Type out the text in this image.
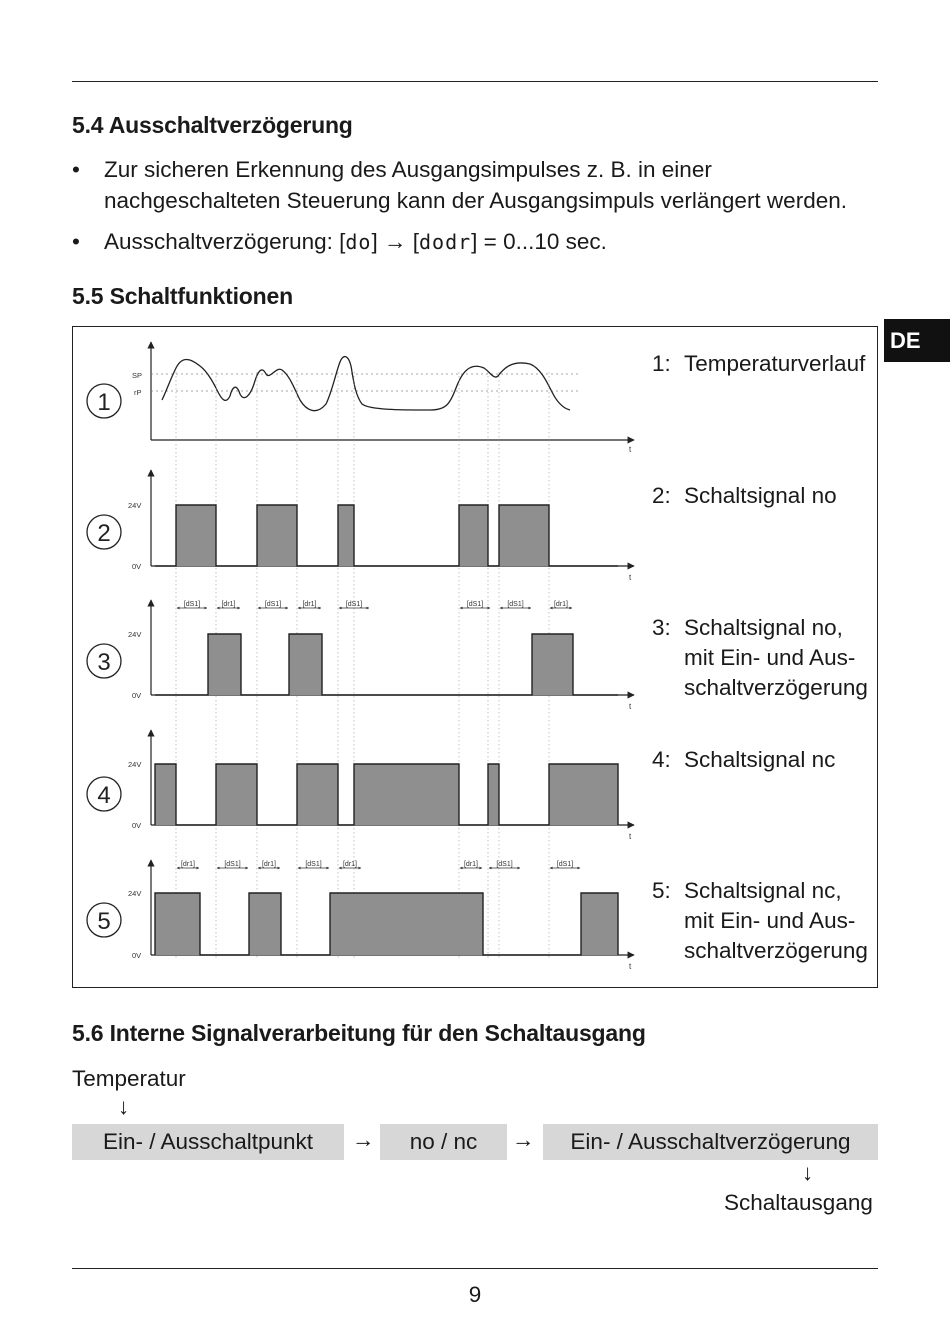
5.4 Ausschaltverzögerung
• Zur sicheren Erkennung des Ausgangsimpulses z. B. in einer nachgeschalteten Steuerung kann der Ausgangsimpuls verlängert werden.
• Ausschaltverzögerung: [do] → [dodr] = 0...10 sec.
5.5 Schaltfunktionen
DE
SP
rP
t
1
24V
0V
t
2
24V
0V
t
[dS1]	[dr1]	[dS1]	[dr1]	[dS1]	[dS1]	[dS1]	[dr1]
3
24V
0V
t
4
24V
0V
t
[dr1]	[dS1]	[dr1]	[dS1]	[dr1]	[dr1]	[dS1]	[dS1]
5
1: Temperaturverlauf
2: Schaltsignal no
3: Schaltsignal no,
mit Ein- und Aus-
schaltverzögerung
4: Schaltsignal nc
5: Schaltsignal nc,
mit Ein- und Aus-
schaltverzögerung
5.6 Interne Signalverarbeitung für den Schaltausgang
Temperatur
↓
Ein- / Ausschaltpunkt	→	no / nc	→	Ein- / Ausschaltverzögerung
↓
Schaltausgang
9
